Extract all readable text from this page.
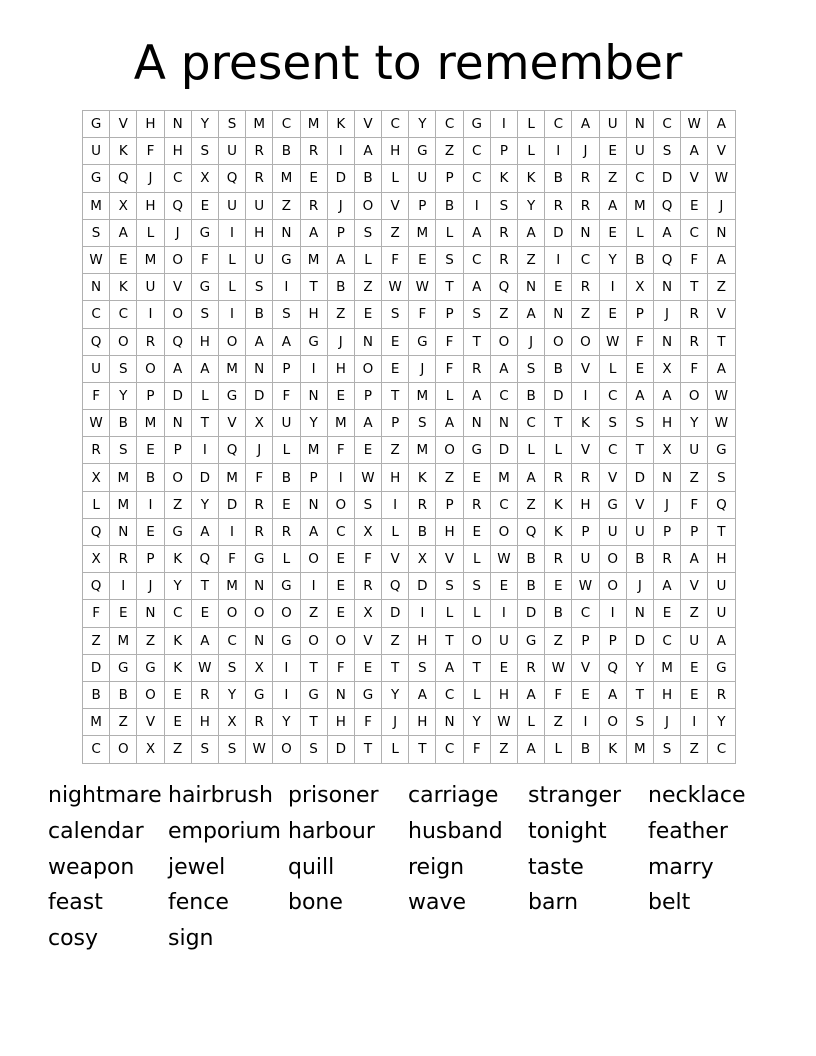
A present to remember
G	V	H	N	Y	S	M	C	M	K	V	C	Y	C	G	I	L	C	A	U	N	C	W	A
U	K	F	H	S	U	R	B	R	I	A	H	G	Z	C	P	L	I	J	E	U	S	A	V
G	Q	J	C	X	Q	R	M	E	D	B	L	U	P	C	K	K	B	R	Z	C	D	V	W
M	X	H	Q	E	U	U	Z	R	J	O	V	P	B	I	S	Y	R	R	A	M	Q	E	J
S	A	L	J	G	I	H	N	A	P	S	Z	M	L	A	R	A	D	N	E	L	A	C	N
W	E	M	O	F	L	U	G	M	A	L	F	E	S	C	R	Z	I	C	Y	B	Q	F	A
N	K	U	V	G	L	S	I	T	B	Z	W	W	T	A	Q	N	E	R	I	X	N	T	Z
C	C	I	O	S	I	B	S	H	Z	E	S	F	P	S	Z	A	N	Z	E	P	J	R	V
Q	O	R	Q	H	O	A	A	G	J	N	E	G	F	T	O	J	O	O	W	F	N	R	T
U	S	O	A	A	M	N	P	I	H	O	E	J	F	R	A	S	B	V	L	E	X	F	A
F	Y	P	D	L	G	D	F	N	E	P	T	M	L	A	C	B	D	I	C	A	A	O	W
W	B	M	N	T	V	X	U	Y	M	A	P	S	A	N	N	C	T	K	S	S	H	Y	W
R	S	E	P	I	Q	J	L	M	F	E	Z	M	O	G	D	L	L	V	C	T	X	U	G
X	M	B	O	D	M	F	B	P	I	W	H	K	Z	E	M	A	R	R	V	D	N	Z	S
L	M	I	Z	Y	D	R	E	N	O	S	I	R	P	R	C	Z	K	H	G	V	J	F	Q
Q	N	E	G	A	I	R	R	A	C	X	L	B	H	E	O	Q	K	P	U	U	P	P	T
X	R	P	K	Q	F	G	L	O	E	F	V	X	V	L	W	B	R	U	O	B	R	A	H
Q	I	J	Y	T	M	N	G	I	E	R	Q	D	S	S	E	B	E	W	O	J	A	V	U
F	E	N	C	E	O	O	O	Z	E	X	D	I	L	L	I	D	B	C	I	N	E	Z	U
Z	M	Z	K	A	C	N	G	O	O	V	Z	H	T	O	U	G	Z	P	P	D	C	U	A
D	G	G	K	W	S	X	I	T	F	E	T	S	A	T	E	R	W	V	Q	Y	M	E	G
B	B	O	E	R	Y	G	I	G	N	G	Y	A	C	L	H	A	F	E	A	T	H	E	R
M	Z	V	E	H	X	R	Y	T	H	F	J	H	N	Y	W	L	Z	I	O	S	J	I	Y
C	O	X	Z	S	S	W	O	S	D	T	L	T	C	F	Z	A	L	B	K	M	S	Z	C
nightmare hairbrush prisoner	carriage	stranger	necklace
calendar	emporium harbour	husband	tonight	feather
weapon	jewel	quill	reign	taste	marry
feast	fence	bone	wave	barn	belt
cosy	sign
